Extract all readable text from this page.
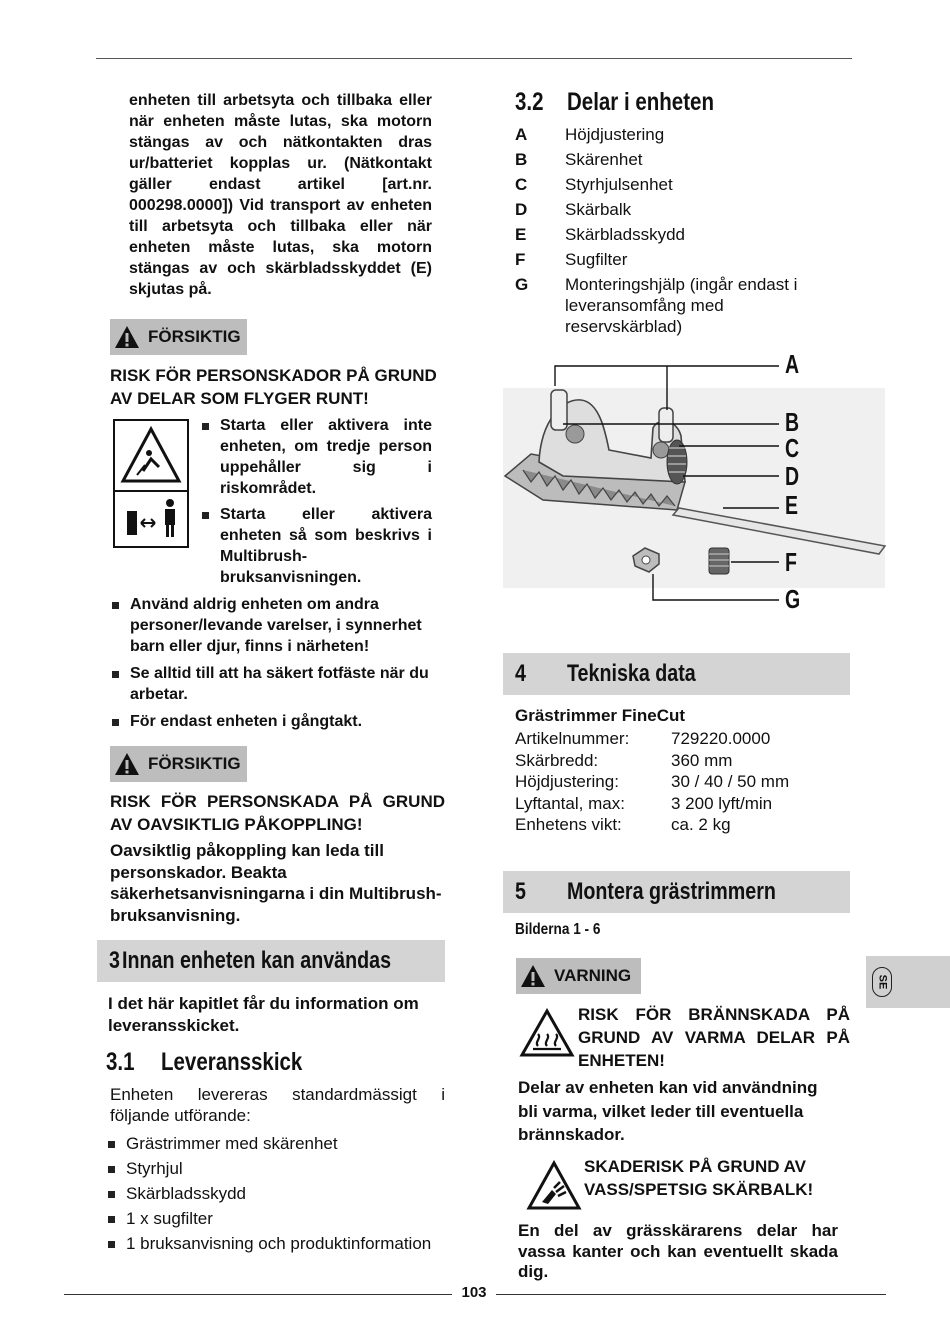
enheten till arbetsyta och tillbaka eller när enheten måste lutas, ska motorn stängas av och nätkontakten dras ur/batteriet kopplas ur. (Nätkontakt gäller endast artikel [art.nr. 000298.0000]) Vid transport av enheten till arbetsyta och tillbaka eller när enheten måste lutas, ska motorn stängas av och skärbladsskyddet (E) skjutas på.
FÖRSIKTIG
RISK FÖR PERSONSKADOR PÅ GRUND AV DELAR SOM FLYGER RUNT!
Starta eller aktivera inte enheten, om tredje person uppehåller sig i riskområdet.
Starta eller aktivera enheten så som beskrivs i Multibrush-bruksanvisningen.
Använd aldrig enheten om andra personer/levande varelser, i synnerhet barn eller djur, finns i närheten!
Se alltid till att ha säkert fotfäste när du arbetar.
För endast enheten i gångtakt.
FÖRSIKTIG
RISK FÖR PERSONSKADA PÅ GRUND AV OAVSIKTLIG PÅKOPPLING!
Oavsiktlig påkoppling kan leda till personskador. Beakta säkerhetsanvisningarna i din Multibrush-bruksanvisning.
3 Innan enheten kan användas
I det här kapitlet får du information om leveransskicket.
3.1	Leveransskick
Enheten levereras standardmässigt i följande utförande:
Grästrimmer med skärenhet
Styrhjul
Skärbladsskydd
1 x sugfilter
1 bruksanvisning och produktinformation
3.2 Delar i enheten
A	Höjdjustering
B	Skärenhet
C	Styrhjulsenhet
D	Skärbalk
E	Skärbladsskydd
F	Sugfilter
G	Monteringshjälp (ingår endast i leveransomfång med reservskärblad)
A
B
C
D
E
F
G
4	Tekniska data
Grästrimmer FineCut
Artikelnummer:	729220.0000
Skärbredd:	360 mm
Höjdjustering:	30 / 40 / 50 mm
Lyftantal, max:	3 200 lyft/min
Enhetens vikt:	ca. 2 kg
5	Montera grästrimmern
Bilderna 1 - 6
VARNING
RISK FÖR BRÄNNSKADA PÅ GRUND AV VARMA DELAR PÅ ENHETEN!
Delar av enheten kan vid användning bli varma, vilket leder till eventuella brännskador.
SKADERISK PÅ GRUND AV VASS/SPETSIG SKÄRBALK!
En del av grässkärarens delar har vassa kanter och kan eventuellt skada dig.
SE
103
